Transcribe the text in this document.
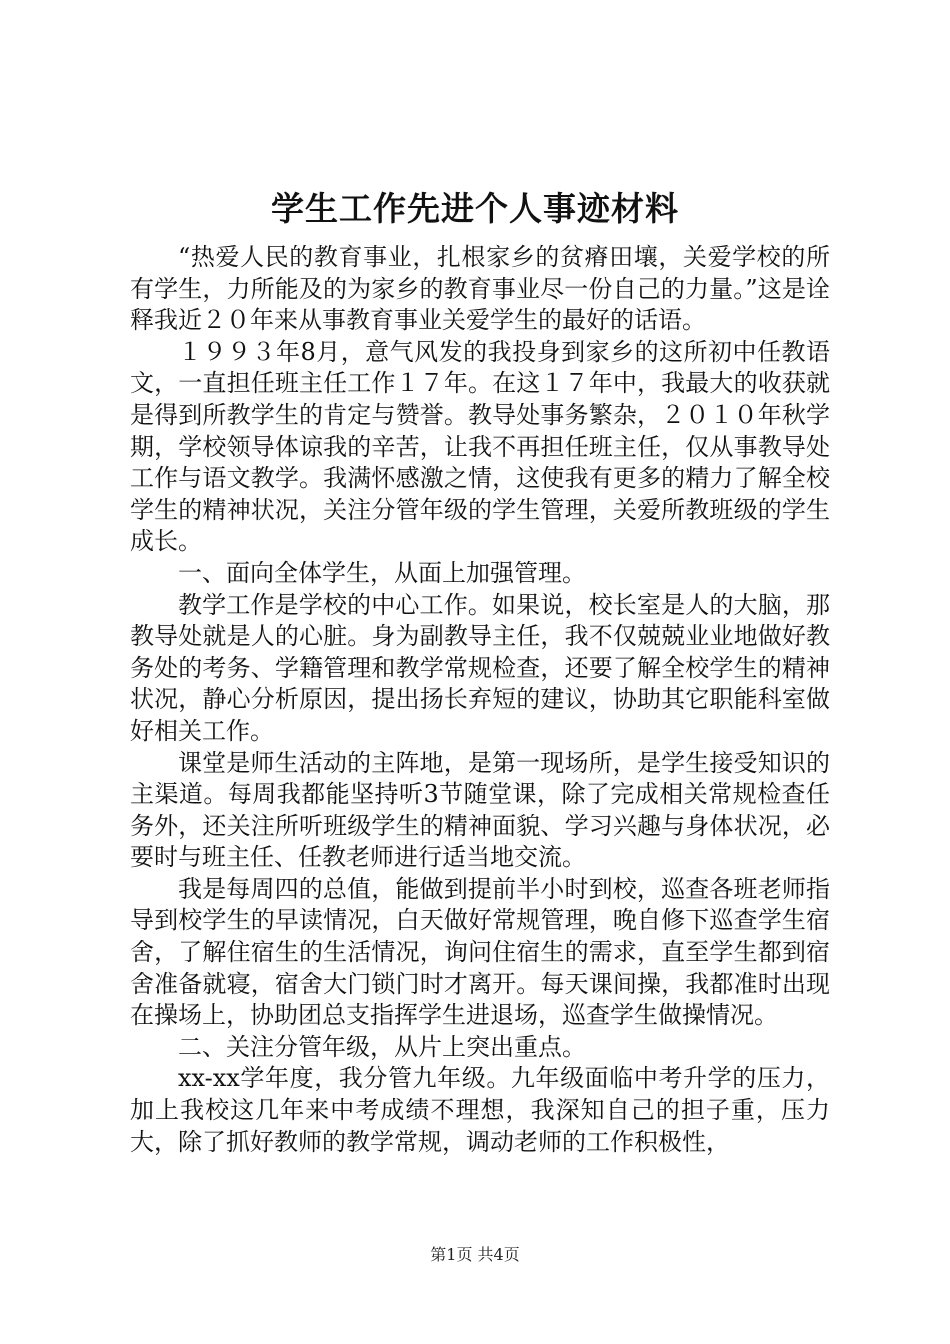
学生工作先进个人事迹材料

“热爱人民的教育事业，扎根家乡的贫瘠田壤，关爱学校的所有学生，力所能及的为家乡的教育事业尽一份自己的力量。”这是诠释我近２０年来从事教育事业关爱学生的最好的话语。

１９９３年8月，意气风发的我投身到家乡的这所初中任教语文，一直担任班主任工作１７年。在这１７年中，我最大的收获就是得到所教学生的肯定与赞誉。教导处事务繁杂，２０１０年秋学期，学校领导体谅我的辛苦，让我不再担任班主任，仅从事教导处工作与语文教学。我满怀感激之情，这使我有更多的精力了解全校学生的精神状况，关注分管年级的学生管理，关爱所教班级的学生成长。

一、面向全体学生，从面上加强管理。

教学工作是学校的中心工作。如果说，校长室是人的大脑，那教导处就是人的心脏。身为副教导主任，我不仅兢兢业业地做好教务处的考务、学籍管理和教学常规检查，还要了解全校学生的精神状况，静心分析原因，提出扬长弃短的建议，协助其它职能科室做好相关工作。

课堂是师生活动的主阵地，是第一现场所，是学生接受知识的主渠道。每周我都能坚持听3节随堂课，除了完成相关常规检查任务外，还关注所听班级学生的精神面貌、学习兴趣与身体状况，必要时与班主任、任教老师进行适当地交流。

我是每周四的总值，能做到提前半小时到校，巡查各班老师指导到校学生的早读情况，白天做好常规管理，晚自修下巡查学生宿舍，了解住宿生的生活情况，询问住宿生的需求，直至学生都到宿舍准备就寝，宿舍大门锁门时才离开。每天课间操，我都准时出现在操场上，协助团总支指挥学生进退场，巡查学生做操情况。

二、关注分管年级，从片上突出重点。

xx-xx学年度，我分管九年级。九年级面临中考升学的压力，加上我校这几年来中考成绩不理想，我深知自己的担子重，压力大，除了抓好教师的教学常规，调动老师的工作积极性，

第1页 共4页
